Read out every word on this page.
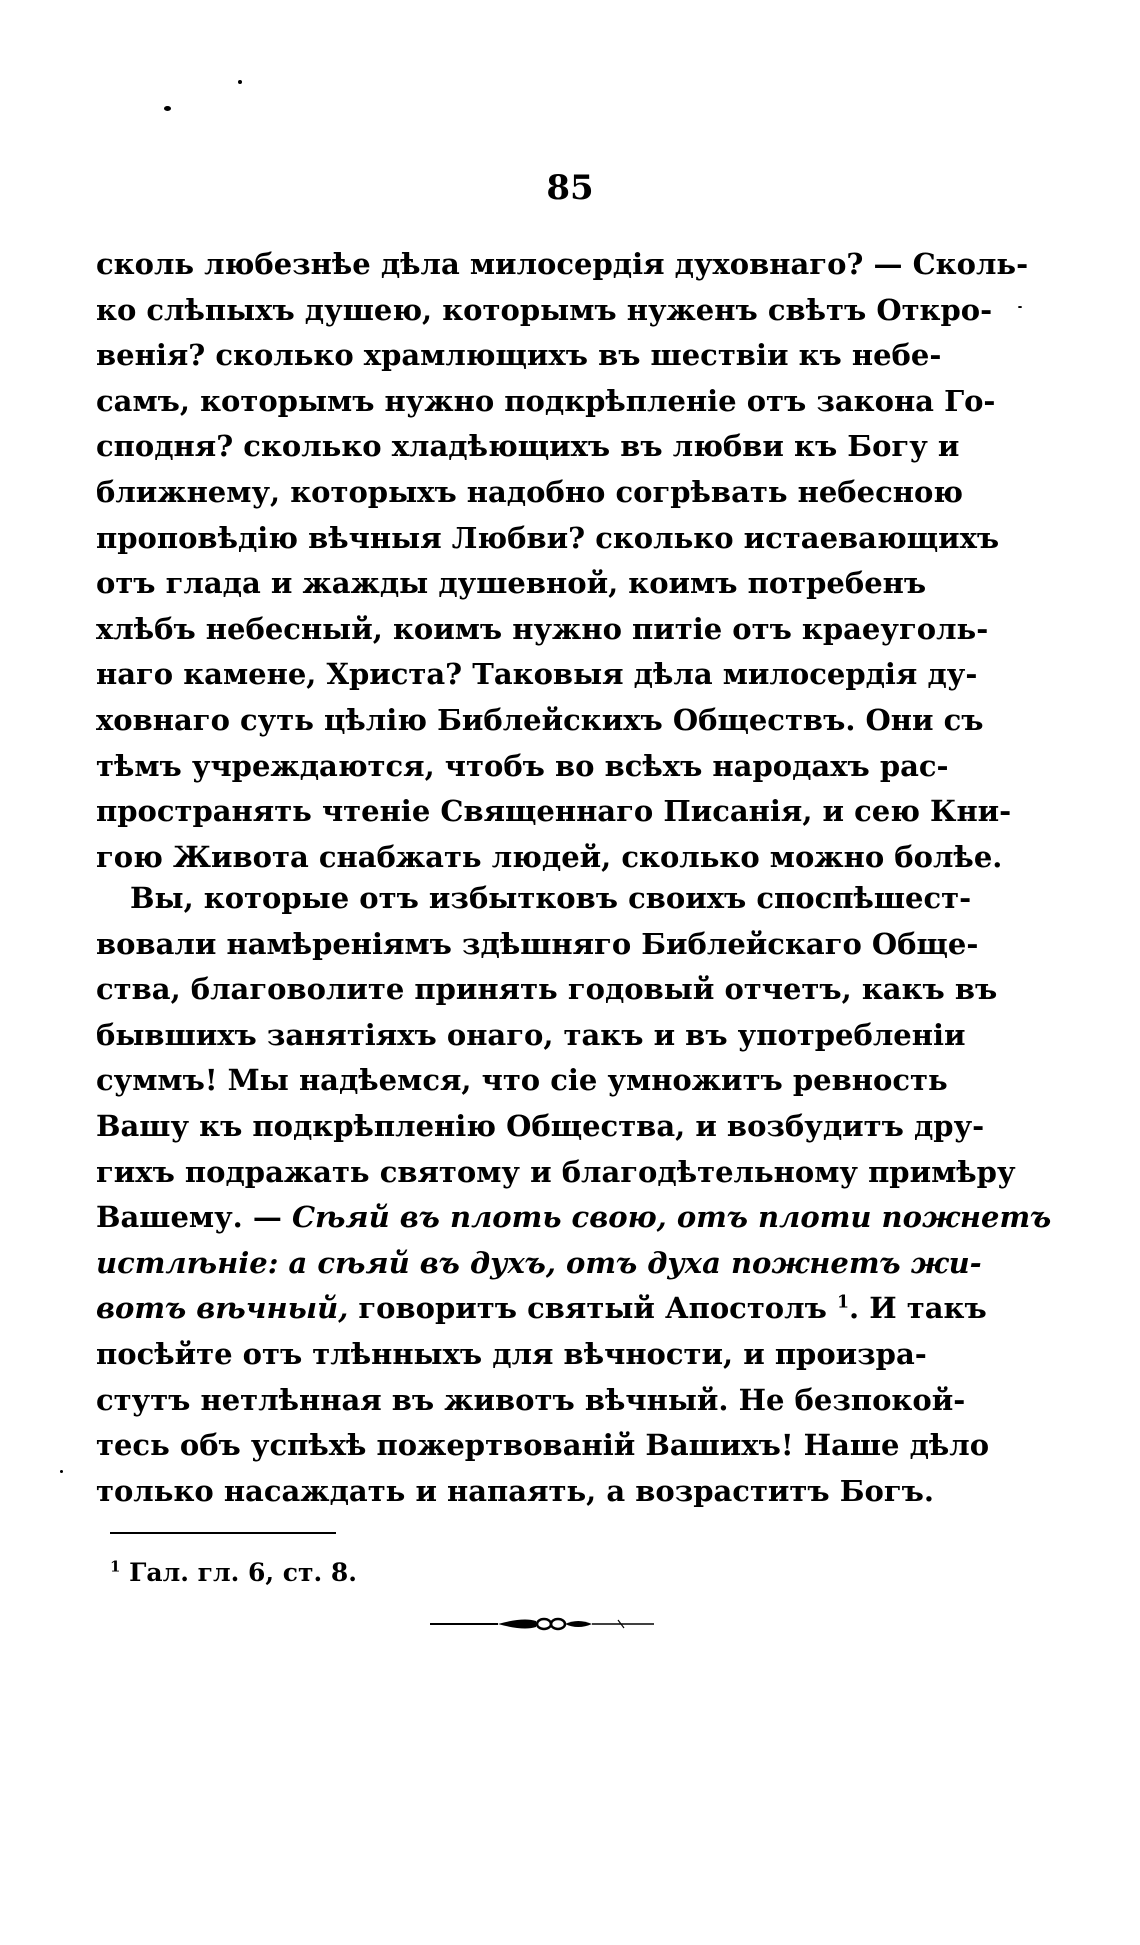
85
сколь любезнѣе дѣла милосердія духовнаго? — Сколь-
ко слѣпыхъ душею, которымъ нуженъ свѣтъ Откро-
венія? сколько храмлющихъ въ шествіи къ небе-
самъ, которымъ нужно подкрѣпленіе отъ закона Го-
сподня? сколько хладѣющихъ въ любви къ Богу и
ближнему, которыхъ надобно согрѣвать небесною
проповѣдію вѣчныя Любви? сколько истаевающихъ
отъ глада и жажды душевной, коимъ потребенъ
хлѣбъ небесный, коимъ нужно питіе отъ краеуголь-
наго камене, Христа? Таковыя дѣла милосердія ду-
ховнаго суть цѣлію Библейскихъ Обществъ. Они съ
тѣмъ учреждаются, чтобъ во всѣхъ народахъ рас-
пространять чтеніе Священнаго Писанія, и сею Кни-
гою Живота снабжать людей, сколько можно болѣе.
Вы, которые отъ избытковъ своихъ споспѣшест-
вовали намѣреніямъ здѣшняго Библейскаго Обще-
ства, благоволите принять годовый отчетъ, какъ въ
бывшихъ занятіяхъ онаго, такъ и въ употребленіи
суммъ! Мы надѣемся, что сіе умножитъ ревность
Вашу къ подкрѣпленію Общества, и возбудитъ дру-
гихъ подражать святому и благодѣтельному примѣру
Вашему. — Сѣяй въ плоть свою, отъ плоти пожнетъ
истлѣніе: а сѣяй въ духъ, отъ духа пожнетъ жи-
вотъ вѣчный, говоритъ святый Апостолъ $^1$. И такъ
посѣйте отъ тлѣнныхъ для вѣчности, и произра-
стутъ нетлѣнная въ животъ вѣчный. Не безпокой-
тесь объ успѣхѣ пожертвованій Вашихъ! Наше дѣло
только насаждать и напаять, а возраститъ Богъ.
$^1$ Гал. гл. 6, ст. 8.
